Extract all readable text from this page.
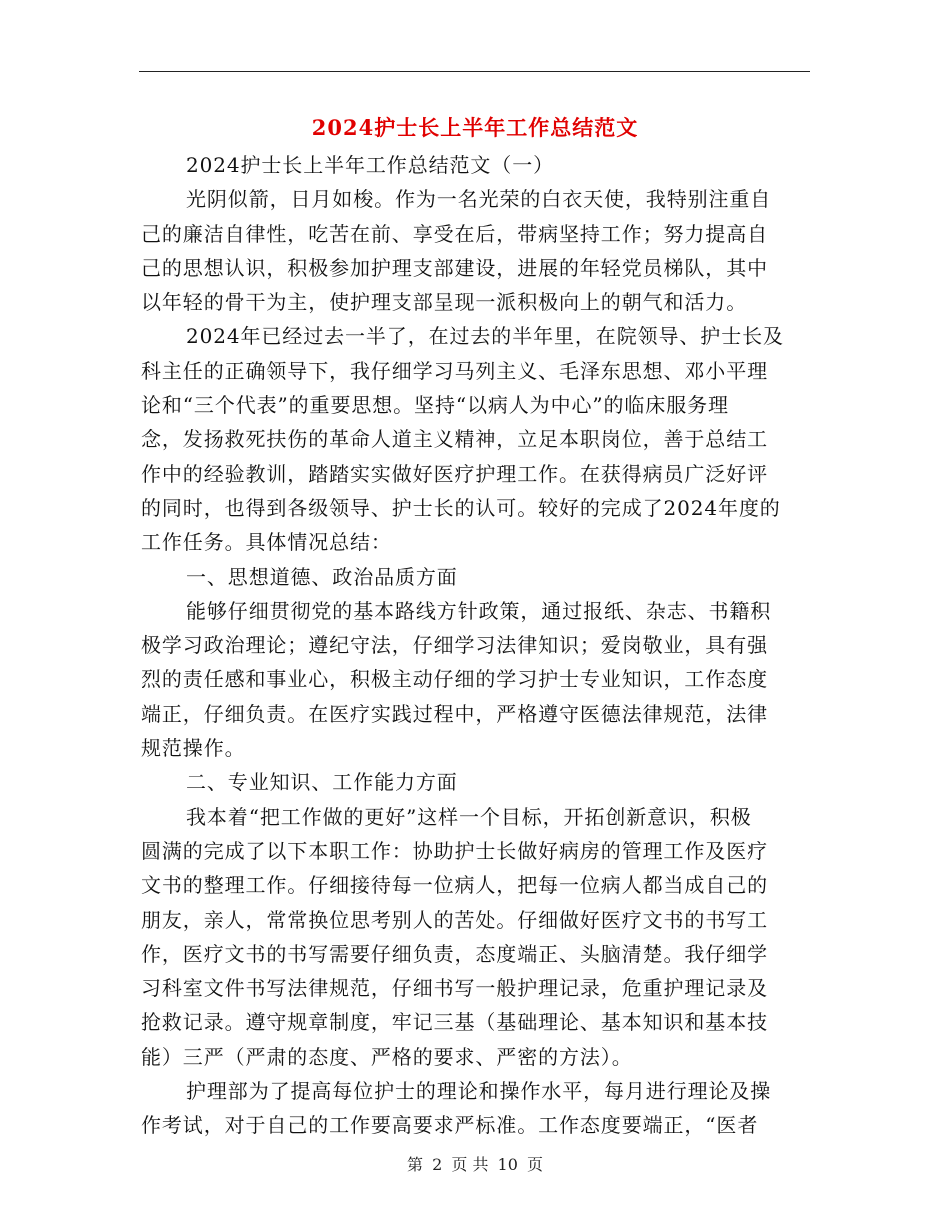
2024护士长上半年工作总结范文
2024护士长上半年工作总结范文（一）
光阴似箭，日月如梭。作为一名光荣的白衣天使，我特别注重自
己的廉洁自律性，吃苦在前、享受在后，带病坚持工作；努力提高自
己的思想认识，积极参加护理支部建设，进展的年轻党员梯队，其中
以年轻的骨干为主，使护理支部呈现一派积极向上的朝气和活力。
2024年已经过去一半了，在过去的半年里，在院领导、护士长及
科主任的正确领导下，我仔细学习马列主义、毛泽东思想、邓小平理
论和“三个代表”的重要思想。坚持“以病人为中心”的临床服务理
念，发扬救死扶伤的革命人道主义精神，立足本职岗位，善于总结工
作中的经验教训，踏踏实实做好医疗护理工作。在获得病员广泛好评
的同时，也得到各级领导、护士长的认可。较好的完成了2024年度的
工作任务。具体情况总结：
一、思想道德、政治品质方面
能够仔细贯彻党的基本路线方针政策，通过报纸、杂志、书籍积
极学习政治理论；遵纪守法，仔细学习法律知识；爱岗敬业，具有强
烈的责任感和事业心，积极主动仔细的学习护士专业知识，工作态度
端正，仔细负责。在医疗实践过程中，严格遵守医德法律规范，法律
规范操作。
二、专业知识、工作能力方面
我本着“把工作做的更好”这样一个目标，开拓创新意识，积极
圆满的完成了以下本职工作：协助护士长做好病房的管理工作及医疗
文书的整理工作。仔细接待每一位病人，把每一位病人都当成自己的
朋友，亲人，常常换位思考别人的苦处。仔细做好医疗文书的书写工
作，医疗文书的书写需要仔细负责，态度端正、头脑清楚。我仔细学
习科室文件书写法律规范，仔细书写一般护理记录，危重护理记录及
抢救记录。遵守规章制度，牢记三基（基础理论、基本知识和基本技
能）三严（严肃的态度、严格的要求、严密的方法）。
护理部为了提高每位护士的理论和操作水平，每月进行理论及操
作考试，对于自己的工作要高要求严标准。工作态度要端正，“医者
第 2 页 共 10 页
